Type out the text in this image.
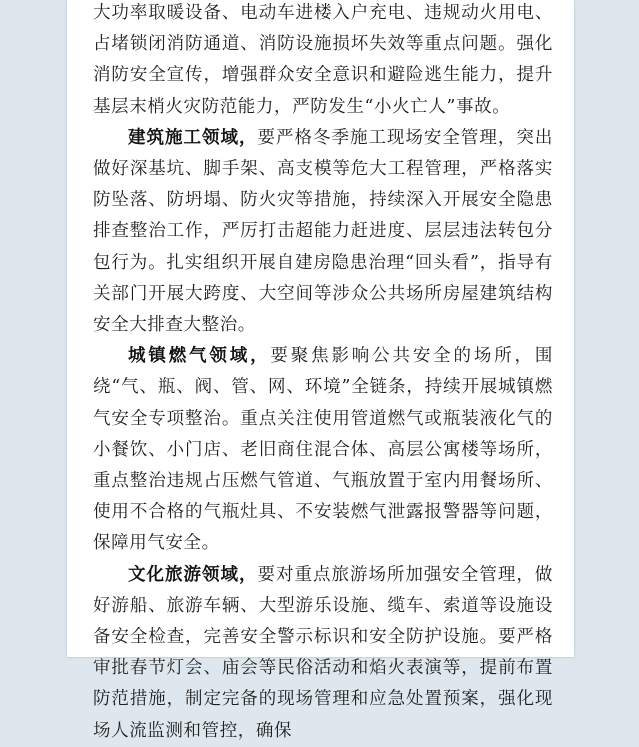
大功率取暖设备、电动车进楼入户充电、违规动火用电、占堵锁闭消防通道、消防设施损坏失效等重点问题。强化消防安全宣传，增强群众安全意识和避险逃生能力，提升基层末梢火灾防范能力，严防发生“小火亡人”事故。

建筑施工领域，要严格冬季施工现场安全管理，突出做好深基坑、脚手架、高支模等危大工程管理，严格落实防坠落、防坍塌、防火灾等措施，持续深入开展安全隐患排查整治工作，严厉打击超能力赶进度、层层违法转包分包行为。扎实组织开展自建房隐患治理“回头看”，指导有关部门开展大跨度、大空间等涉众公共场所房屋建筑结构安全大排查大整治。

城镇燃气领域，要聚焦影响公共安全的场所，围绕“气、瓶、阀、管、网、环境”全链条，持续开展城镇燃气安全专项整治。重点关注使用管道燃气或瓶装液化气的小餐饮、小门店、老旧商住混合体、高层公寓楼等场所，重点整治违规占压燃气管道、气瓶放置于室内用餐场所、使用不合格的气瓶灶具、不安装燃气泄露报警器等问题，保障用气安全。

文化旅游领域，要对重点旅游场所加强安全管理，做好游船、旅游车辆、大型游乐设施、缆车、索道等设施设备安全检查，完善安全警示标识和安全防护设施。要严格审批春节灯会、庙会等民俗活动和焰火表演等，提前布置防范措施，制定完备的现场管理和应急处置预案，强化现场人流监测和管控，确保
